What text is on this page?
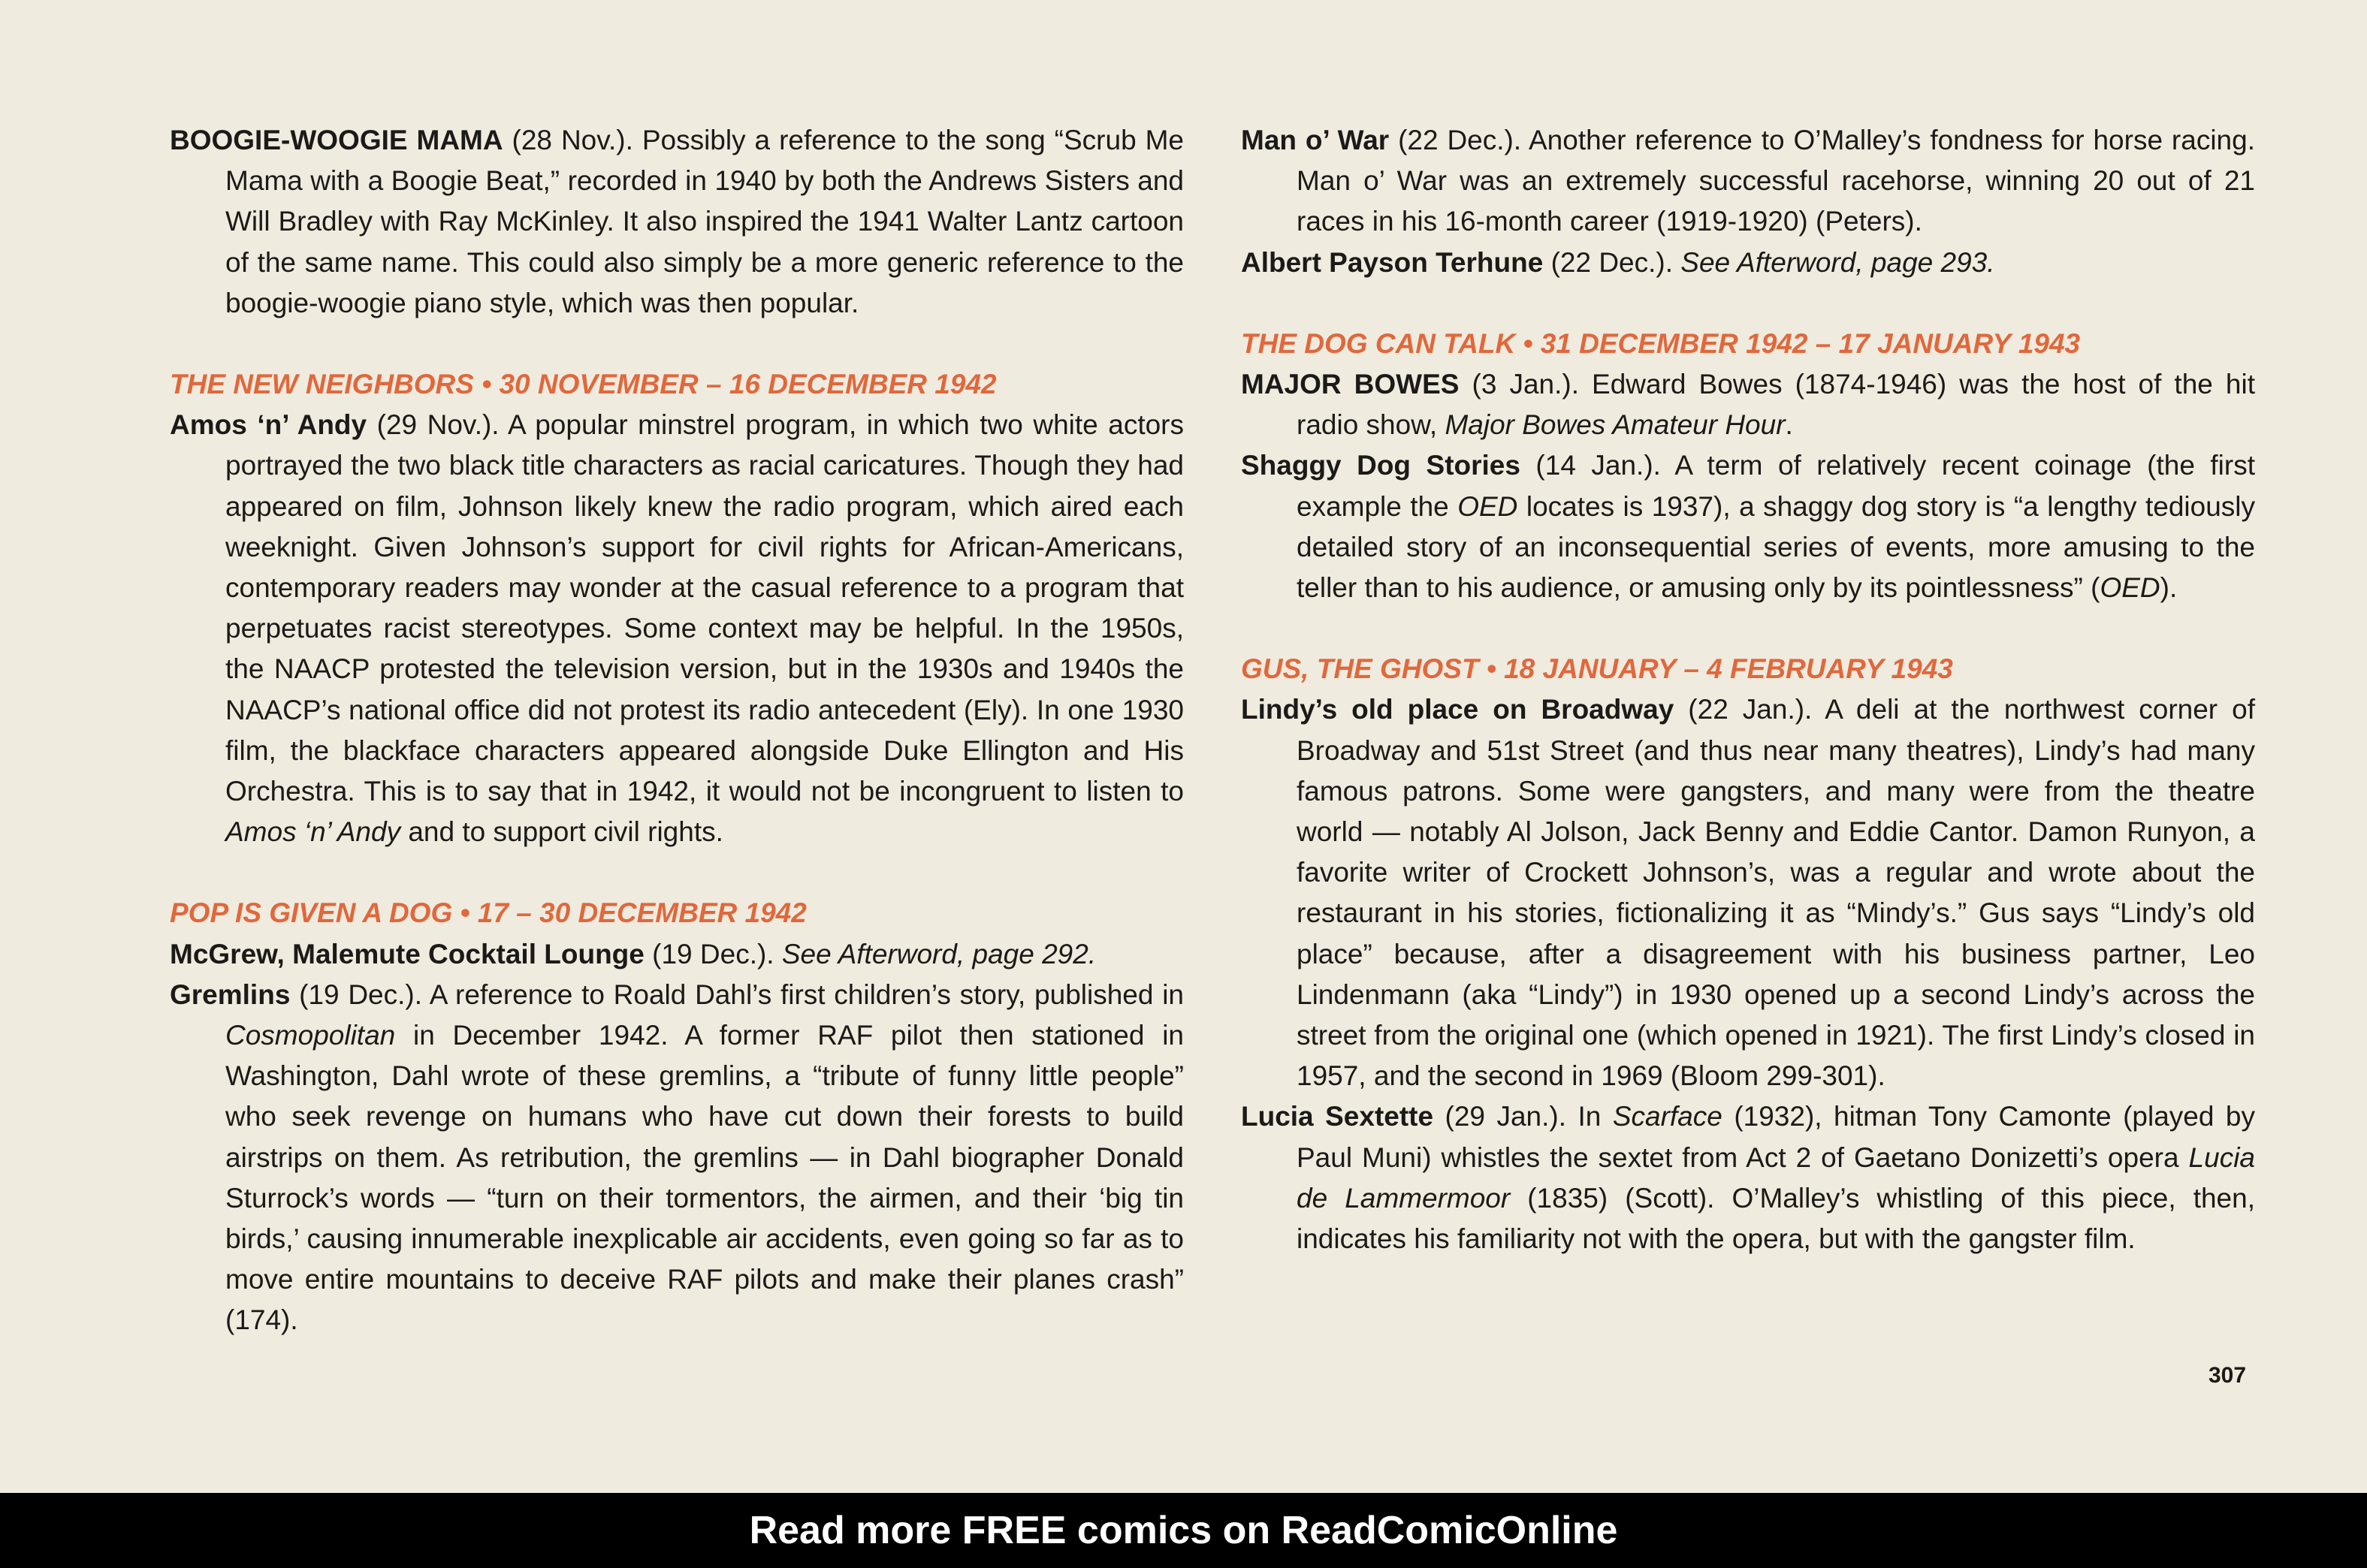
BOOGIE-WOOGIE MAMA (28 Nov.). Possibly a reference to the song “Scrub Me Mama with a Boogie Beat,” recorded in 1940 by both the Andrews Sisters and Will Bradley with Ray McKinley. It also inspired the 1941 Walter Lantz cartoon of the same name. This could also simply be a more generic reference to the boogie-woogie piano style, which was then popular.

THE NEW NEIGHBORS • 30 NOVEMBER – 16 DECEMBER 1942

Amos ‘n’ Andy (29 Nov.). A popular minstrel program, in which two white actors portrayed the two black title characters as racial caricatures. Though they had appeared on film, Johnson likely knew the radio program, which aired each weeknight. Given Johnson’s support for civil rights for African-Americans, contemporary readers may wonder at the casual reference to a program that perpetuates racist stereotypes. Some context may be helpful. In the 1950s, the NAACP protested the television version, but in the 1930s and 1940s the NAACP’s national office did not protest its radio antecedent (Ely). In one 1930 film, the blackface characters appeared alongside Duke Ellington and His Orchestra. This is to say that in 1942, it would not be incongruent to listen to Amos ‘n’ Andy and to support civil rights.

POP IS GIVEN A DOG • 17 – 30 DECEMBER 1942

McGrew, Malemute Cocktail Lounge (19 Dec.). See Afterword, page 292.

Gremlins (19 Dec.). A reference to Roald Dahl’s first children’s story, published in Cosmopolitan in December 1942. A former RAF pilot then stationed in Washington, Dahl wrote of these gremlins, a “tribute of funny little people” who seek revenge on humans who have cut down their forests to build airstrips on them. As retribution, the gremlins — in Dahl biographer Donald Sturrock’s words — “turn on their tormentors, the airmen, and their ‘big tin birds,’ causing innumerable inexplicable air accidents, even going so far as to move entire mountains to deceive RAF pilots and make their planes crash” (174).

Man o’ War (22 Dec.). Another reference to O’Malley’s fondness for horse racing. Man o’ War was an extremely successful racehorse, winning 20 out of 21 races in his 16-month career (1919-1920) (Peters).

Albert Payson Terhune (22 Dec.). See Afterword, page 293.

THE DOG CAN TALK • 31 DECEMBER 1942 – 17 JANUARY 1943

MAJOR BOWES (3 Jan.). Edward Bowes (1874-1946) was the host of the hit radio show, Major Bowes Amateur Hour.

Shaggy Dog Stories (14 Jan.). A term of relatively recent coinage (the first example the OED locates is 1937), a shaggy dog story is “a lengthy tediously detailed story of an inconsequential series of events, more amusing to the teller than to his audience, or amusing only by its pointlessness” (OED).

GUS, THE GHOST • 18 JANUARY – 4 FEBRUARY 1943

Lindy’s old place on Broadway (22 Jan.). A deli at the northwest corner of Broadway and 51st Street (and thus near many theatres), Lindy’s had many famous patrons. Some were gangsters, and many were from the theatre world — notably Al Jolson, Jack Benny and Eddie Cantor. Damon Runyon, a favorite writer of Crockett Johnson’s, was a regular and wrote about the restaurant in his stories, fictionalizing it as “Mindy’s.” Gus says “Lindy’s old place” because, after a disagreement with his business partner, Leo Lindenmann (aka “Lindy”) in 1930 opened up a second Lindy’s across the street from the original one (which opened in 1921). The first Lindy’s closed in 1957, and the second in 1969 (Bloom 299-301).

Lucia Sextette (29 Jan.). In Scarface (1932), hitman Tony Camonte (played by Paul Muni) whistles the sextet from Act 2 of Gaetano Donizetti’s opera Lucia de Lammermoor (1835) (Scott). O’Malley’s whistling of this piece, then, indicates his familiarity not with the opera, but with the gangster film.

307
Read more FREE comics on ReadComicOnline
